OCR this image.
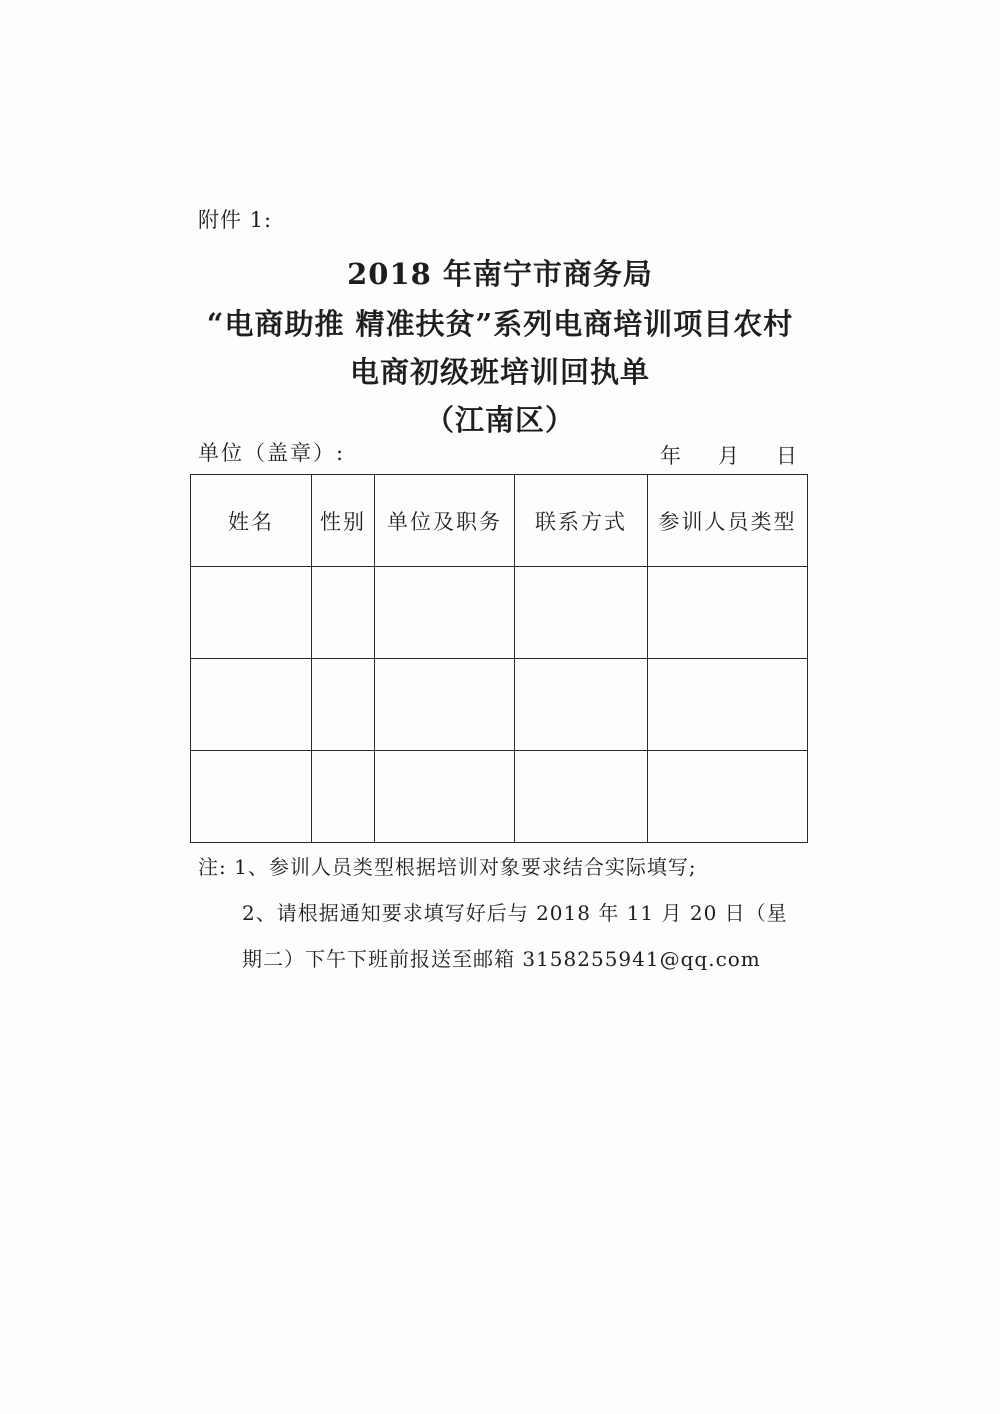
附件 1:
2018 年南宁市商务局
“电商助推 精准扶贫”系列电商培训项目农村
电商初级班培训回执单
（江南区）
单位（盖章）:	年	月	日
姓名	性别	单位及职务	联系方式	参训人员类型

注: 1、参训人员类型根据培训对象要求结合实际填写;
2、请根据通知要求填写好后与 2018 年 11 月 20 日（星
期二）下午下班前报送至邮箱 3158255941@qq.com
